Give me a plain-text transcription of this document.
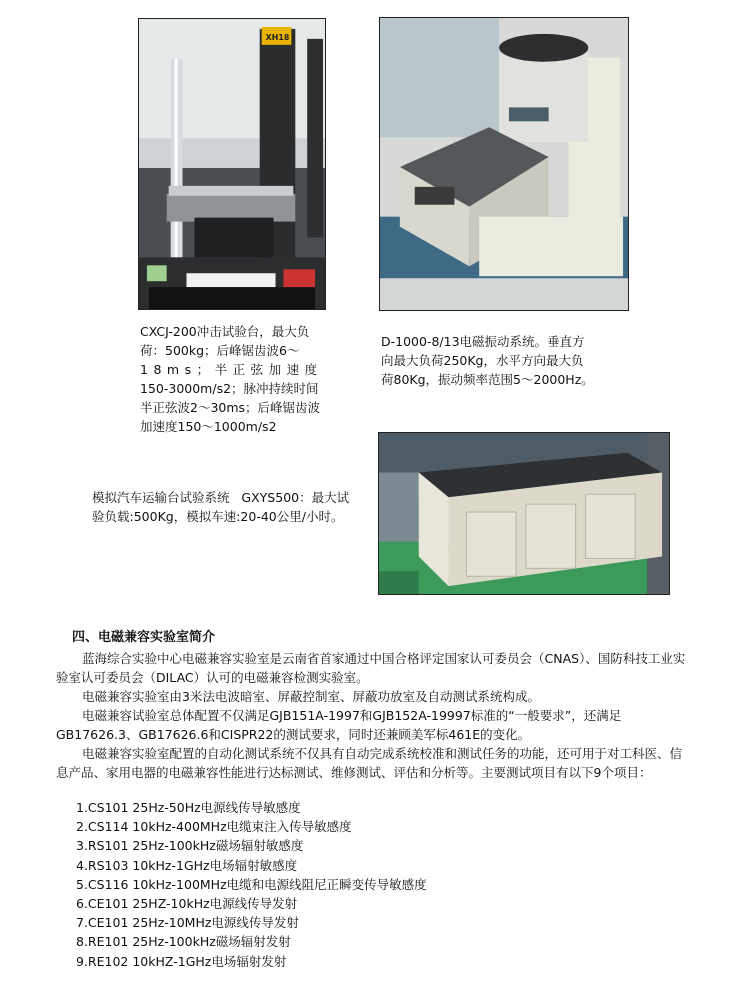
XH18
CXCJ-200冲击试验台，最大负
荷：500kg；后峰锯齿波6～
18ms；半正弦加速度
150-3000m/s2；脉冲持续时间
半正弦波2～30ms；后峰锯齿波
加速度150～1000m/s2
D-1000-8/13电磁振动系统。垂直方
向最大负荷250Kg，水平方向最大负
荷80Kg，振动频率范围5～2000Hz。
模拟汽车运输台试验系统   GXYS500：最大试
验负载:500Kg，模拟车速:20-40公里/小时。
四、电磁兼容实验室简介
蓝海综合实验中心电磁兼容实验室是云南省首家通过中国合格评定国家认可委员会（CNAS）、国防科技工业实验室认可委员会（DILAC）认可的电磁兼容检测实验室。
电磁兼容实验室由3米法电波暗室、屏蔽控制室、屏蔽功放室及自动测试系统构成。
电磁兼容试验室总体配置不仅满足GJB151A-1997和GJB152A-19997标准的“一般要求”，还满足GB17626.3、GB17626.6和CISPR22的测试要求，同时还兼顾美军标461E的变化。
电磁兼容实验室配置的自动化测试系统不仅具有自动完成系统校准和测试任务的功能，还可用于对工科医、信息产品、家用电器的电磁兼容性能进行达标测试、维修测试、评估和分析等。主要测试项目有以下9个项目：
1.CS101 25Hz-50Hz电源线传导敏感度
2.CS114 10kHz-400MHz电缆束注入传导敏感度
3.RS101 25Hz-100kHz磁场辐射敏感度
4.RS103 10kHz-1GHz电场辐射敏感度
5.CS116 10kHz-100MHz电缆和电源线阻尼正瞬变传导敏感度
6.CE101 25HZ-10kHz电源线传导发射
7.CE101 25Hz-10MHz电源线传导发射
8.RE101 25Hz-100kHz磁场辐射发射
9.RE102 10kHZ-1GHz电场辐射发射
